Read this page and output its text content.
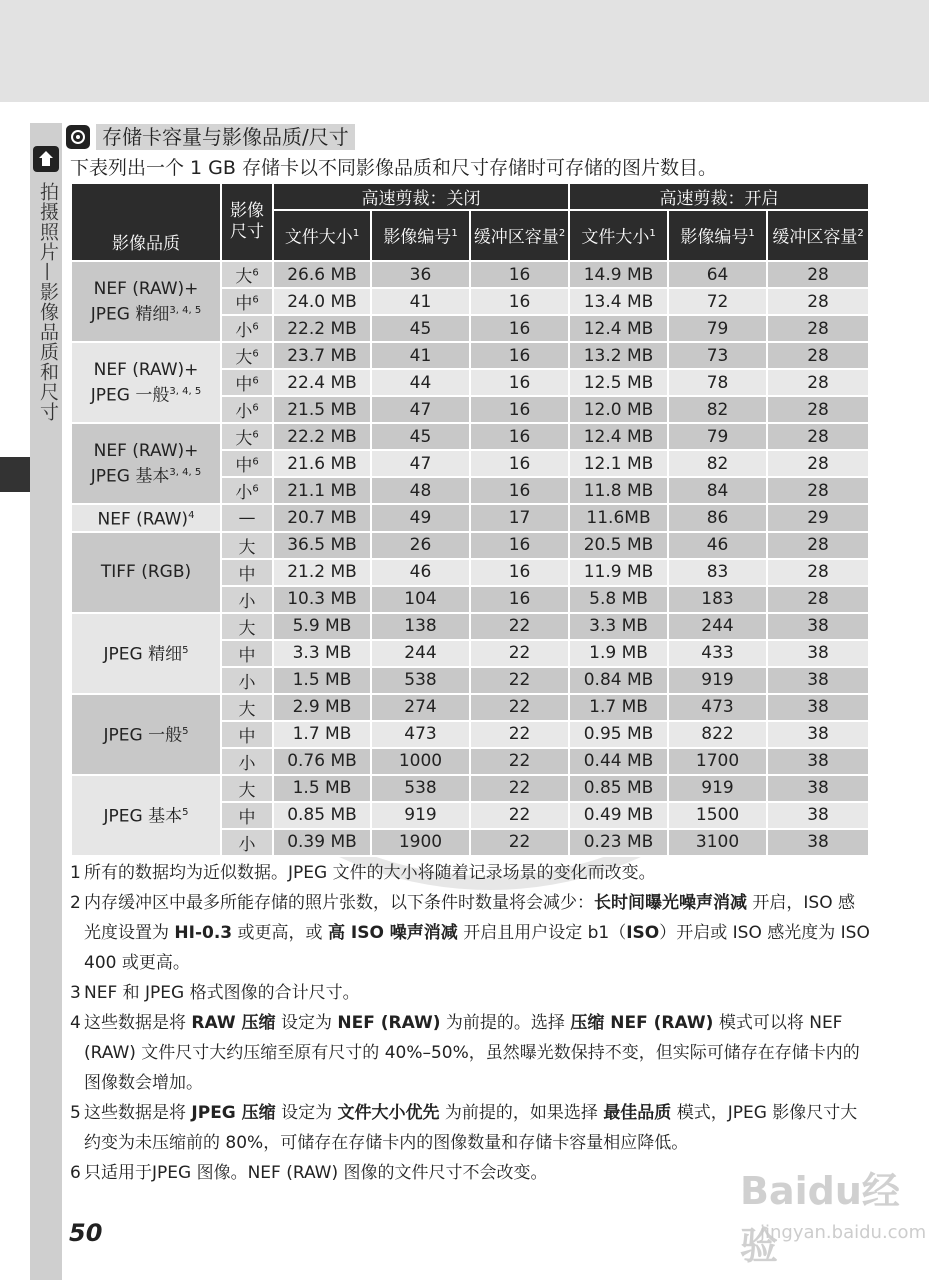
拍摄照片—影像品质和尺寸
存储卡容量与影像品质/尺寸
下表列出一个 1 GB 存储卡以不同影像品质和尺寸存储时可存储的图片数目。
影像品质	影像尺寸	高速剪裁：关闭			高速剪裁：开启		
		文件大小$^1$	影像编号$^1$	缓冲区容量$^2$	文件大小$^1$	影像编号$^1$	缓冲区容量$^2$
NEF (RAW)+
JPEG 精细$^{3, 4, 5}$	大$^6$	26.6 MB	36	16	14.9 MB	64	28
	中$^6$	24.0 MB	41	16	13.4 MB	72	28
	小$^6$	22.2 MB	45	16	12.4 MB	79	28
NEF (RAW)+
JPEG 一般$^{3, 4, 5}$	大$^6$	23.7 MB	41	16	13.2 MB	73	28
	中$^6$	22.4 MB	44	16	12.5 MB	78	28
	小$^6$	21.5 MB	47	16	12.0 MB	82	28
NEF (RAW)+
JPEG 基本$^{3, 4, 5}$	大$^6$	22.2 MB	45	16	12.4 MB	79	28
	中$^6$	21.6 MB	47	16	12.1 MB	82	28
	小$^6$	21.1 MB	48	16	11.8 MB	84	28
NEF (RAW)$^4$	—	20.7 MB	49	17	11.6MB	86	29
TIFF (RGB)	大	36.5 MB	26	16	20.5 MB	46	28
	中	21.2 MB	46	16	11.9 MB	83	28
	小	10.3 MB	104	16	5.8 MB	183	28
JPEG 精细$^5$	大	5.9 MB	138	22	3.3 MB	244	38
	中	3.3 MB	244	22	1.9 MB	433	38
	小	1.5 MB	538	22	0.84 MB	919	38
JPEG 一般$^5$	大	2.9 MB	274	22	1.7 MB	473	38
	中	1.7 MB	473	22	0.95 MB	822	38
	小	0.76 MB	1000	22	0.44 MB	1700	38
JPEG 基本$^5$	大	1.5 MB	538	22	0.85 MB	919	38
	中	0.85 MB	919	22	0.49 MB	1500	38
	小	0.39 MB	1900	22	0.23 MB	3100	38
1 所有的数据均为近似数据。JPEG 文件的大小将随着记录场景的变化而改变。
2 内存缓冲区中最多所能存储的照片张数，以下条件时数量将会减少：长时间曝光噪声消减 开启，ISO 感光度设置为 HI-0.3 或更高，或 高 ISO 噪声消减 开启且用户设定 b1（ISO）开启或 ISO 感光度为 ISO 400 或更高。
3 NEF 和 JPEG 格式图像的合计尺寸。
4 这些数据是将 RAW 压缩 设定为 NEF (RAW) 为前提的。选择 压缩 NEF (RAW) 模式可以将 NEF (RAW) 文件尺寸大约压缩至原有尺寸的 40%–50%，虽然曝光数保持不变，但实际可储存在存储卡内的图像数会增加。
5 这些数据是将 JPEG 压缩 设定为 文件大小优先 为前提的，如果选择 最佳品质 模式，JPEG 影像尺寸大约变为未压缩前的 80%，可储存在存储卡内的图像数量和存储卡容量相应降低。
6 只适用于JPEG 图像。NEF (RAW) 图像的文件尺寸不会改变。
50
Baidu经验
jingyan.baidu.com
